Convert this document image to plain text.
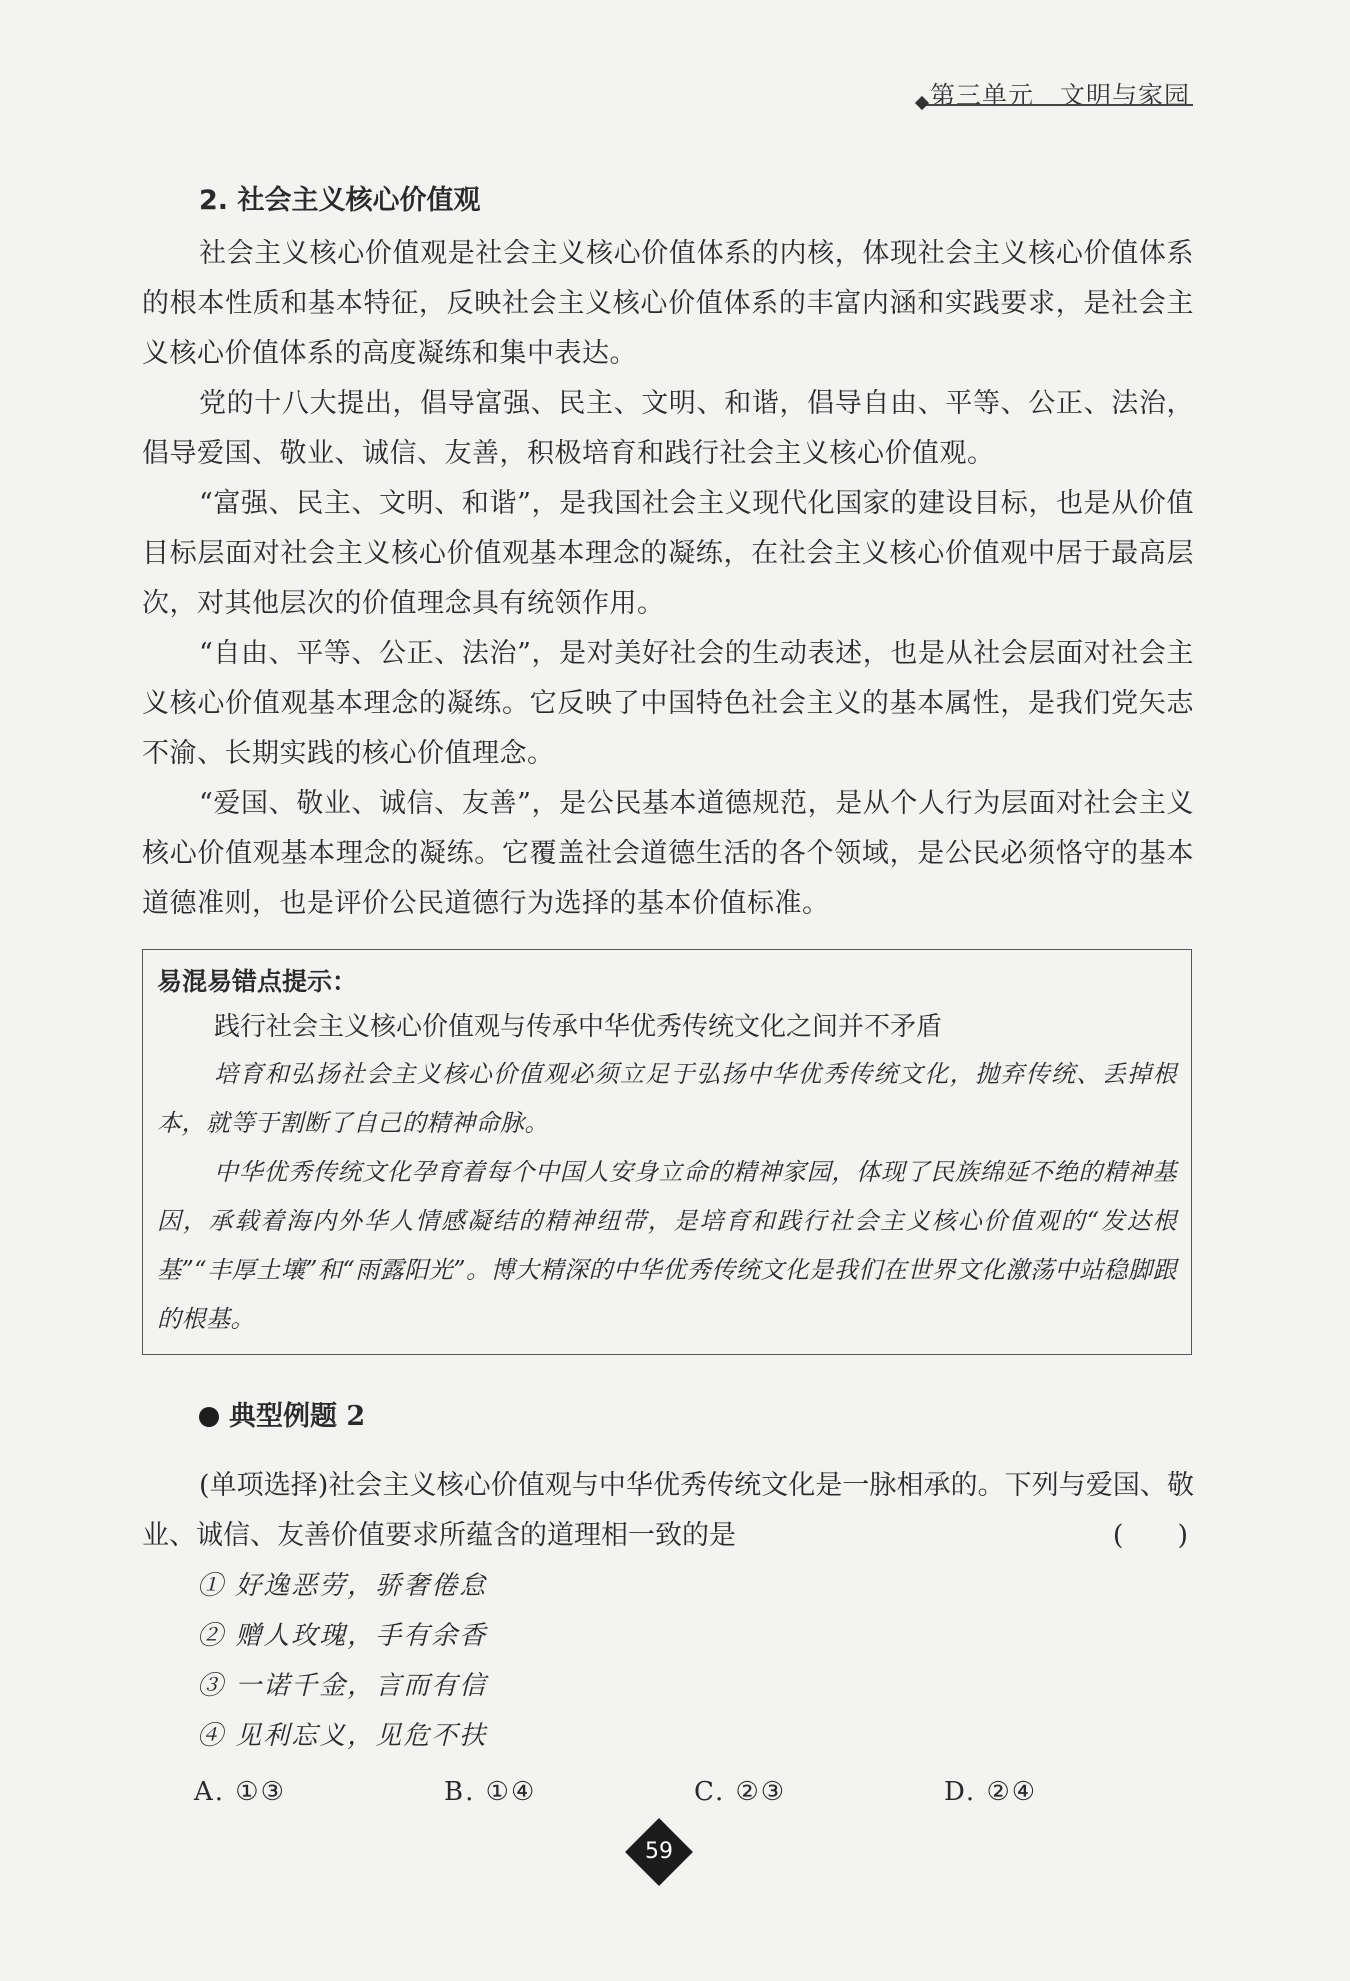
第三单元　文明与家园
2. 社会主义核心价值观

社会主义核心价值观是社会主义核心价值体系的内核，体现社会主义核心价值体系的根本性质和基本特征，反映社会主义核心价值体系的丰富内涵和实践要求，是社会主义核心价值体系的高度凝练和集中表达。

党的十八大提出，倡导富强、民主、文明、和谐，倡导自由、平等、公正、法治，倡导爱国、敬业、诚信、友善，积极培育和践行社会主义核心价值观。

“富强、民主、文明、和谐”，是我国社会主义现代化国家的建设目标，也是从价值目标层面对社会主义核心价值观基本理念的凝练，在社会主义核心价值观中居于最高层次，对其他层次的价值理念具有统领作用。

“自由、平等、公正、法治”，是对美好社会的生动表述，也是从社会层面对社会主义核心价值观基本理念的凝练。它反映了中国特色社会主义的基本属性，是我们党矢志不渝、长期实践的核心价值理念。

“爱国、敬业、诚信、友善”，是公民基本道德规范，是从个人行为层面对社会主义核心价值观基本理念的凝练。它覆盖社会道德生活的各个领域，是公民必须恪守的基本道德准则，也是评价公民道德行为选择的基本价值标准。

易混易错点提示：

践行社会主义核心价值观与传承中华优秀传统文化之间并不矛盾

培育和弘扬社会主义核心价值观必须立足于弘扬中华优秀传统文化，抛弃传统、丢掉根本，就等于割断了自己的精神命脉。

中华优秀传统文化孕育着每个中国人安身立命的精神家园，体现了民族绵延不绝的精神基因，承载着海内外华人情感凝结的精神纽带，是培育和践行社会主义核心价值观的“发达根基”“丰厚土壤”和“雨露阳光”。博大精深的中华优秀传统文化是我们在世界文化激荡中站稳脚跟的根基。

典型例题 2

(单项选择)社会主义核心价值观与中华优秀传统文化是一脉相承的。下列与爱国、敬业、诚信、友善价值要求所蕴含的道理相一致的是	(　　)

① 好逸恶劳，骄奢倦怠

② 赠人玫瑰，手有余香

③ 一诺千金，言而有信

④ 见利忘义，见危不扶

A. ①③	B. ①④	C. ②③	D. ②④
59
